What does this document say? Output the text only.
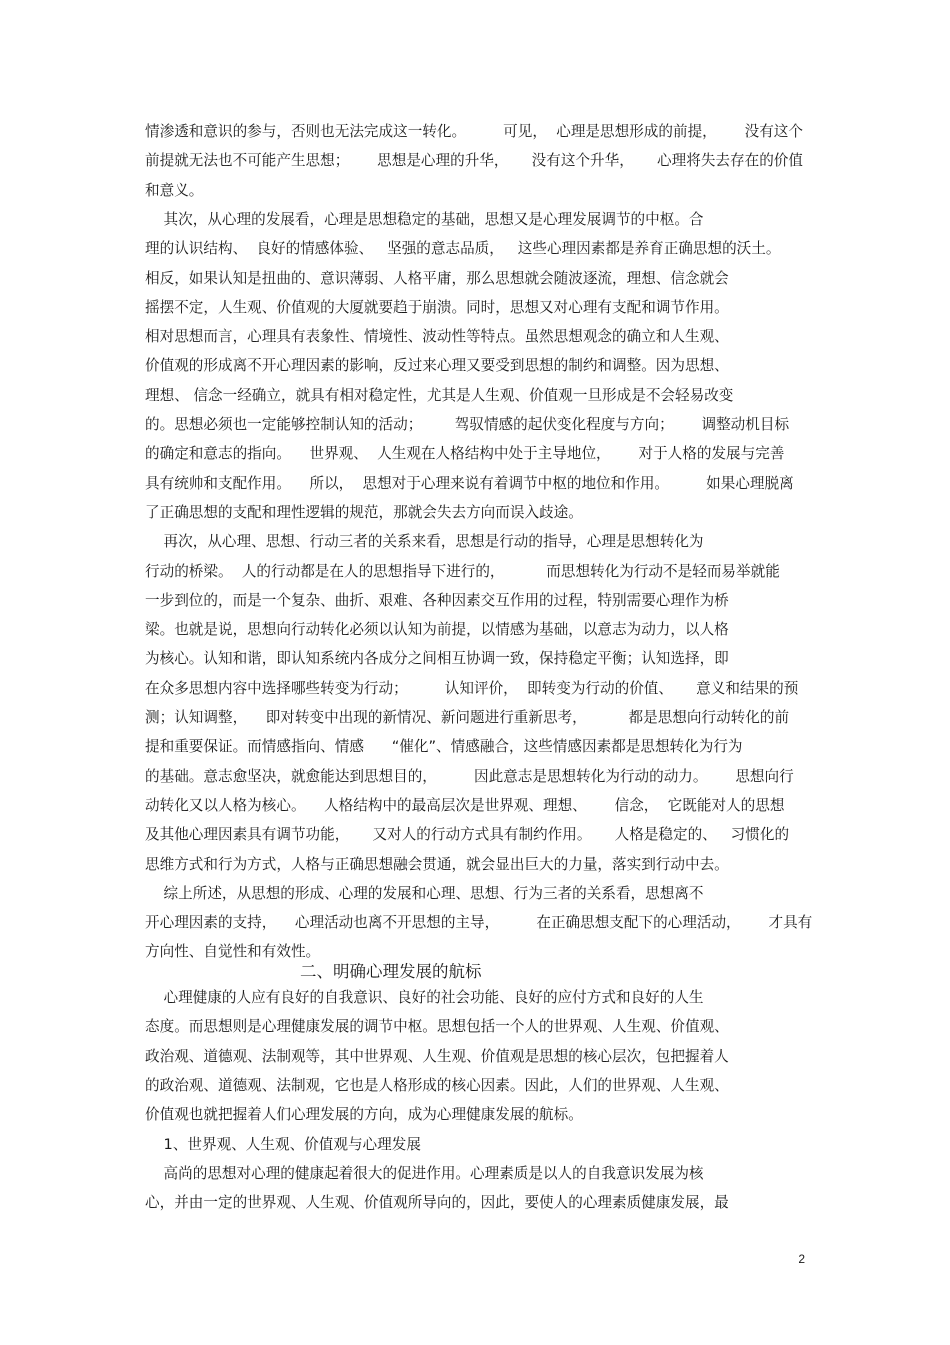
情渗透和意识的参与，否则也无法完成这一转化。        可见，  心理是思想形成的前提，      没有这个
前提就无法也不可能产生思想；      思想是心理的升华，     没有这个升华，     心理将失去存在的价值
和意义。
其次，从心理的发展看，心理是思想稳定的基础，思想又是心理发展调节的中枢。合
理的认识结构、  良好的情感体验、   坚强的意志品质，   这些心理因素都是养育正确思想的沃土。
相反，如果认知是扭曲的、意识薄弱、人格平庸，那么思想就会随波逐流，理想、信念就会
摇摆不定，人生观、价值观的大厦就要趋于崩溃。同时，思想又对心理有支配和调节作用。
相对思想而言，心理具有表象性、情境性、波动性等特点。虽然思想观念的确立和人生观、
价值观的形成离不开心理因素的影响，反过来心理又要受到思想的制约和调整。因为思想、
理想、 信念一经确立，就具有相对稳定性，尤其是人生观、价值观一旦形成是不会轻易改变
的。思想必须也一定能够控制认知的活动；       驾驭情感的起伏变化程度与方向；      调整动机目标
的确定和意志的指向。    世界观、  人生观在人格结构中处于主导地位，      对于人格的发展与完善
具有统帅和支配作用。    所以，  思想对于心理来说有着调节中枢的地位和作用。        如果心理脱离
了正确思想的支配和理性逻辑的规范，那就会失去方向而误入歧途。
再次，从心理、思想、行动三者的关系来看，思想是行动的指导，心理是思想转化为
行动的桥梁。  人的行动都是在人的思想指导下进行的，         而思想转化为行动不是轻而易举就能
一步到位的，而是一个复杂、曲折、艰难、各种因素交互作用的过程，特别需要心理作为桥
梁。也就是说，思想向行动转化必须以认知为前提，以情感为基础，以意志为动力，以人格
为核心。认知和谐，即认知系统内各成分之间相互协调一致，保持稳定平衡；认知选择，即
在众多思想内容中选择哪些转变为行动；        认知评价，  即转变为行动的价值、     意义和结果的预
测；认知调整，    即对转变中出现的新情况、新问题进行重新思考，         都是思想向行动转化的前
提和重要保证。而情感指向、情感      “催化”、情感融合，这些情感因素都是思想转化为行为
的基础。意志愈坚决，就愈能达到思想目的，        因此意志是思想转化为行动的动力。      思想向行
动转化又以人格为核心。    人格结构中的最高层次是世界观、理想、      信念，  它既能对人的思想
及其他心理因素具有调节功能，     又对人的行动方式具有制约作用。     人格是稳定的、   习惯化的
思维方式和行为方式，人格与正确思想融会贯通，就会显出巨大的力量，落实到行动中去。
综上所述，从思想的形成、心理的发展和心理、思想、行为三者的关系看，思想离不
开心理因素的支持，    心理活动也离不开思想的主导，        在正确思想支配下的心理活动，      才具有
方向性、自觉性和有效性。
二、明确心理发展的航标
心理健康的人应有良好的自我意识、良好的社会功能、良好的应付方式和良好的人生
态度。而思想则是心理健康发展的调节中枢。思想包括一个人的世界观、人生观、价值观、
政治观、道德观、法制观等，其中世界观、人生观、价值观是思想的核心层次，包把握着人
的政治观、道德观、法制观，它也是人格形成的核心因素。因此，人们的世界观、人生观、
价值观也就把握着人们心理发展的方向，成为心理健康发展的航标。
1、世界观、人生观、价值观与心理发展
高尚的思想对心理的健康起着很大的促进作用。心理素质是以人的自我意识发展为核
心，并由一定的世界观、人生观、价值观所导向的，因此，要使人的心理素质健康发展，最
2
